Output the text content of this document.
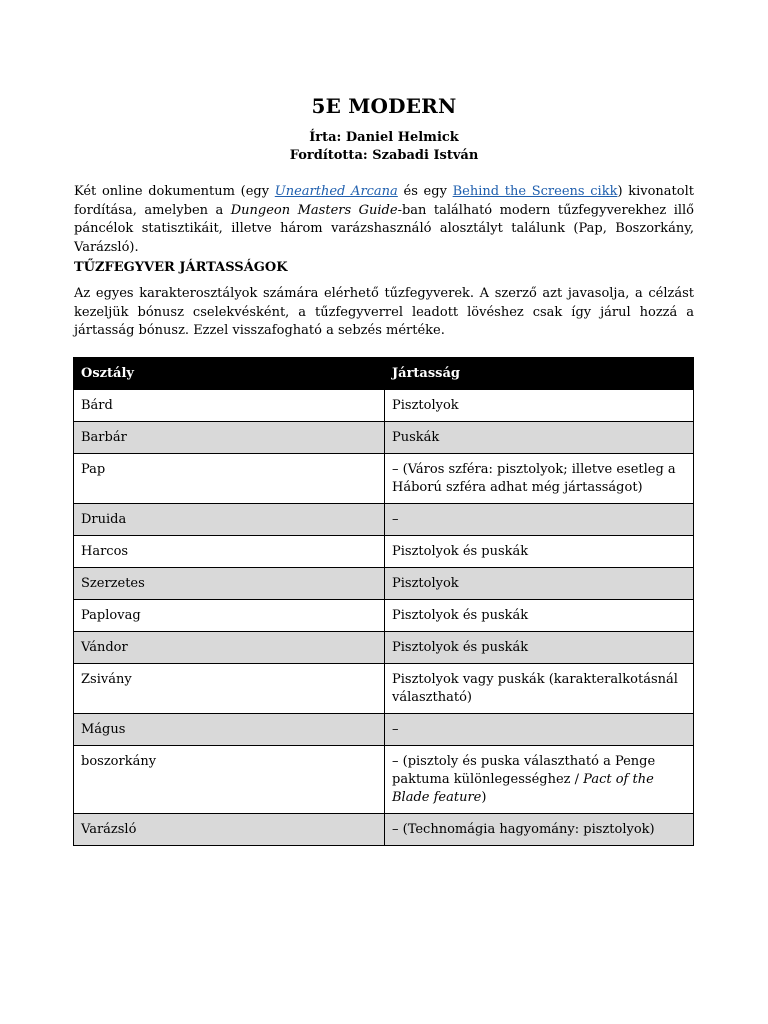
5E MODERN
Írta: Daniel Helmick
Fordította: Szabadi István
Két online dokumentum (egy Unearthed Arcana és egy Behind the Screens cikk) kivonatolt fordítása, amelyben a Dungeon Masters Guide-ban található modern tűzfegyverekhez illő páncélok statisztikáit, illetve három varázshasználó alosztályt találunk (Pap, Boszorkány, Varázsló).
TŰZFEGYVER JÁRTASSÁGOK
Az egyes karakterosztályok számára elérhető tűzfegyverek. A szerző azt javasolja, a célzást kezeljük bónusz cselekvésként, a tűzfegyverrel leadott lövéshez csak így járul hozzá a jártasság bónusz. Ezzel visszafogható a sebzés mértéke.
Osztály	Jártasság
Bárd	Pisztolyok
Barbár	Puskák
Pap	– (Város szféra: pisztolyok; illetve esetleg a Háború szféra adhat még jártasságot)
Druida	–
Harcos	Pisztolyok és puskák
Szerzetes	Pisztolyok
Paplovag	Pisztolyok és puskák
Vándor	Pisztolyok és puskák
Zsivány	Pisztolyok vagy puskák (karakteralkotásnál választható)
Mágus	–
boszorkány	– (pisztoly és puska választható a Penge paktuma különlegességhez / Pact of the Blade feature)
Varázsló	– (Technomágia hagyomány: pisztolyok)
